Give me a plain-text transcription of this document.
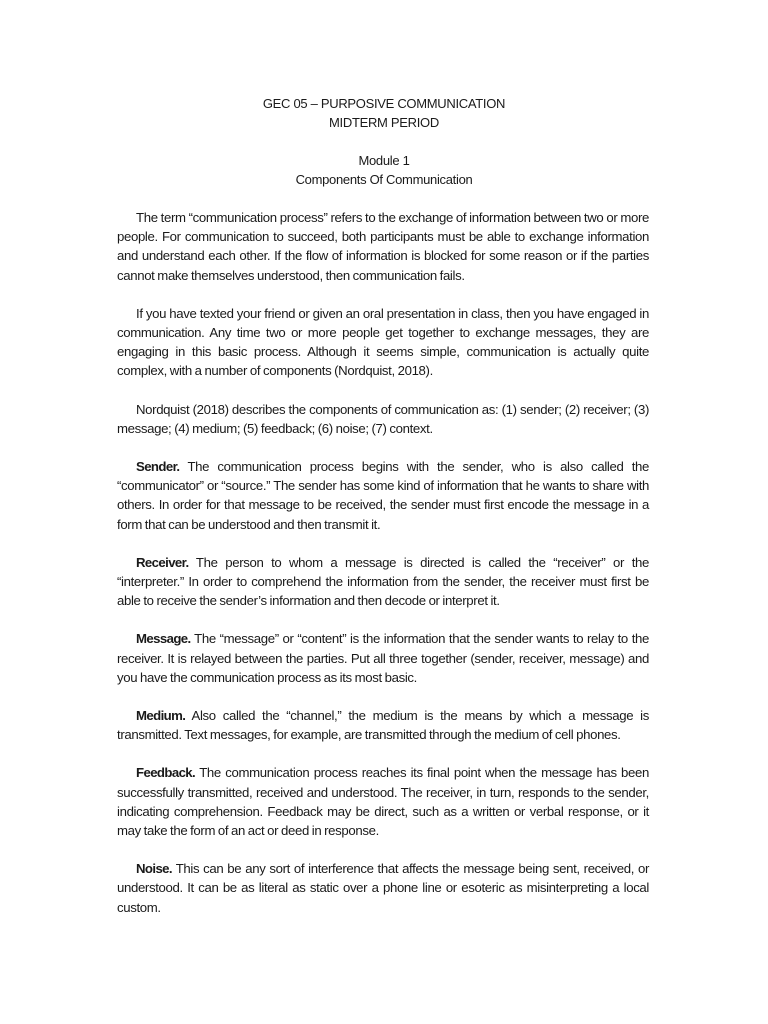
GEC 05 – PURPOSIVE COMMUNICATION
MIDTERM PERIOD
Module 1
Components Of Communication

The term “communication process” refers to the exchange of information between two or more people. For communication to succeed, both participants must be able to exchange information and understand each other. If the flow of information is blocked for some reason or if the parties cannot make themselves understood, then communication fails.

If you have texted your friend or given an oral presentation in class, then you have engaged in communication. Any time two or more people get together to exchange messages, they are engaging in this basic process. Although it seems simple, communication is actually quite complex, with a number of components (Nordquist, 2018).

Nordquist (2018) describes the components of communication as: (1) sender; (2) receiver; (3) message; (4) medium; (5) feedback; (6) noise; (7) context.

Sender. The communication process begins with the sender, who is also called the “communicator” or “source.” The sender has some kind of information that he wants to share with others. In order for that message to be received, the sender must first encode the message in a form that can be understood and then transmit it.

Receiver. The person to whom a message is directed is called the “receiver” or the “interpreter.” In order to comprehend the information from the sender, the receiver must first be able to receive the sender’s information and then decode or interpret it.

Message. The “message” or “content” is the information that the sender wants to relay to the receiver. It is relayed between the parties. Put all three together (sender, receiver, message) and you have the communication process as its most basic.

Medium. Also called the “channel,” the medium is the means by which a message is transmitted. Text messages, for example, are transmitted through the medium of cell phones.

Feedback. The communication process reaches its final point when the message has been successfully transmitted, received and understood. The receiver, in turn, responds to the sender, indicating comprehension. Feedback may be direct, such as a written or verbal response, or it may take the form of an act or deed in response.

Noise. This can be any sort of interference that affects the message being sent, received, or understood. It can be as literal as static over a phone line or esoteric as misinterpreting a local custom.
